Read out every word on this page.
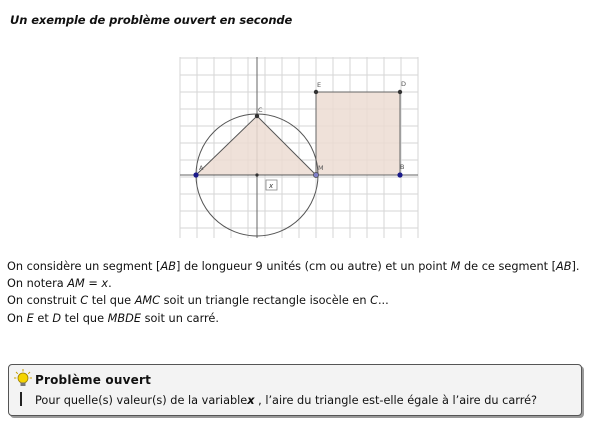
Un exemple de problème ouvert en seconde
A	M	B
C
E	D
x

On considère un segment [AB] de longueur 9 unités (cm ou autre) et un point M de ce segment [AB].

On notera AM = x.

On construit C tel que AMC soit un triangle rectangle isocèle en C...

On E et D tel que MBDE soit un carré.

Problème ouvert
Pour quelle(s) valeur(s) de la variablex , l’aire du triangle est-elle égale à l’aire du carré?
